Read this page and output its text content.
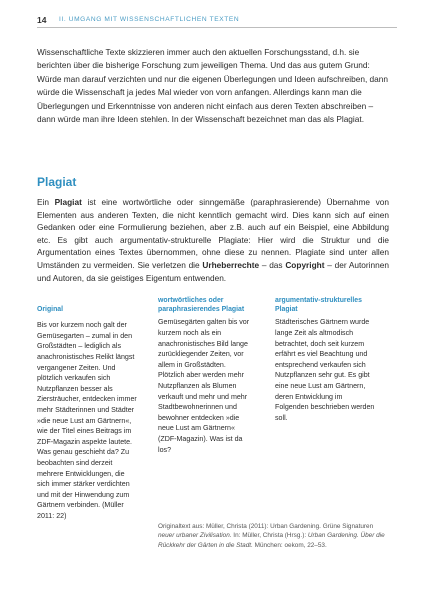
14 II. UMGANG MIT WISSENSCHAFTLICHEN TEXTEN

Wissenschaftliche Texte skizzieren immer auch den aktuellen Forschungsstand, d.h. sie berichten über die bisherige Forschung zum jeweiligen Thema. Und das aus gutem Grund: Würde man darauf verzichten und nur die eigenen Überlegungen und Ideen aufschreiben, dann würde die Wissenschaft ja jedes Mal wieder von vorn anfangen. Allerdings kann man die Überlegungen und Erkenntnisse von anderen nicht einfach aus deren Texten abschreiben – dann würde man ihre Ideen stehlen. In der Wissenschaft bezeichnet man das als Plagiat.

Plagiat

Ein Plagiat ist eine wortwörtliche oder sinngemäße (paraphrasierende) Übernahme von Elementen aus anderen Texten, die nicht kenntlich gemacht wird. Dies kann sich auf einen Gedanken oder eine Formulierung beziehen, aber z.B. auch auf ein Beispiel, eine Abbildung etc. Es gibt auch argumentativ-strukturelle Plagiate: Hier wird die Struktur und die Argumentation eines Textes übernommen, ohne diese zu nennen. Plagiate sind unter allen Umständen zu vermeiden. Sie verletzen die Urheberrechte – das Copyright – der Autorinnen und Autoren, da sie geistiges Eigentum entwenden.

Original
Bis vor kurzem noch galt der Gemüsegarten – zumal in den Großstädten – lediglich als anachronistisches Relikt längst vergangener Zeiten. Und plötzlich verkaufen sich Nutzpflanzen besser als Ziersträucher, entdecken immer mehr Städterinnen und Städter »die neue Lust am Gärtnern«, wie der Titel eines Beitrags im ZDF-Magazin aspekte lautete. Was genau geschieht da? Zu beobachten sind derzeit mehrere Entwicklungen, die sich immer stärker verdichten und mit der Hinwendung zum Gärtnern verbinden. (Müller 2011: 22)
wortwörtliches oder paraphrasierendes Plagiat
Gemüsegärten galten bis vor kurzem noch als ein anachronistisches Bild lange zurückliegender Zeiten, vor allem in Großstädten. Plötzlich aber werden mehr Nutzpflanzen als Blumen verkauft und mehr und mehr Stadtbewohnerinnen und bewohner entdecken »die neue Lust am Gärtnern« (ZDF-Magazin). Was ist da los?
argumentativ-strukturelles Plagiat
Städterisches Gärtnern wurde lange Zeit als altmodisch betrachtet, doch seit kurzem erfährt es viel Beachtung und entsprechend verkaufen sich Nutzpflanzen sehr gut. Es gibt eine neue Lust am Gärtnern, deren Entwicklung im Folgenden beschrieben werden soll.
Originaltext aus: Müller, Christa (2011): Urban Gardening. Grüne Signaturen neuer urbaner Zivilisation. In: Müller, Christa (Hrsg.): Urban Gardening. Über die Rückkehr der Gärten in die Stadt. München: oekom, 22–53.
